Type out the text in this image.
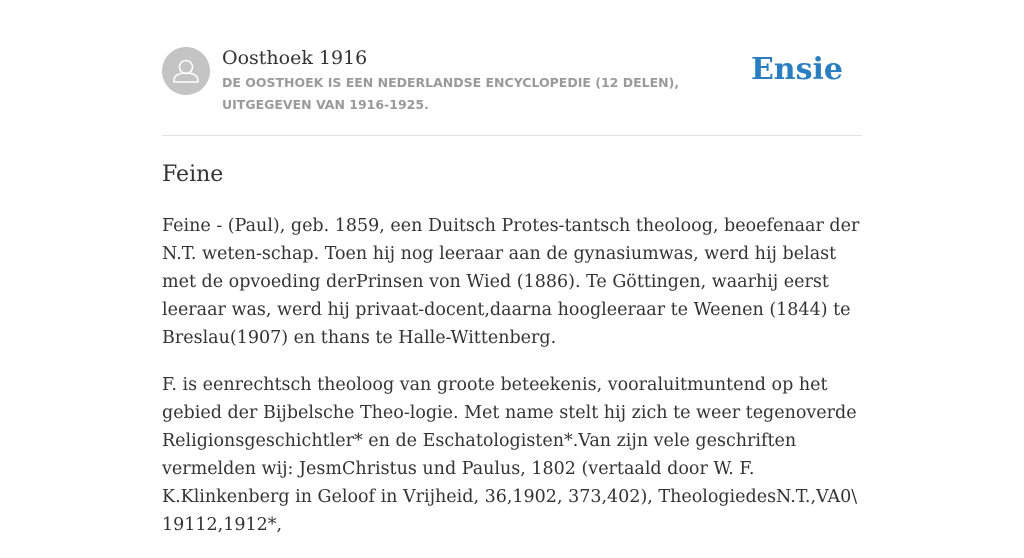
Oosthoek 1916
DE OOSTHOEK IS EEN NEDERLANDSE ENCYCLOPEDIE (12 DELEN), UITGEGEVEN VAN 1916-1925.
Ensie
Feine

Feine - (Paul), geb. 1859, een Duitsch Protes-tantsch theoloog, beoefenaar der N.T. weten-schap. Toen hij nog leeraar aan de gynasiumwas, werd hij belast met de opvoeding derPrinsen von Wied (1886). Te Göttingen, waarhij eerst leeraar was, werd hij privaat-docent,daarna hoogleeraar te Weenen (1844) te Breslau(1907) en thans te Halle-Wittenberg.

F. is eenrechtsch theoloog van groote beteekenis, vooraluitmuntend op het gebied der Bijbelsche Theo-logie. Met name stelt hij zich te weer tegenoverde Religionsgeschichtler* en de Eschatologisten*.Van zijn vele geschriften vermelden wij: JesmChristus und Paulus, 1802 (vertaald door W. F. K.Klinkenberg in Geloof in Vrijheid, 36,1902, 373,402), TheologiedesN.T.,VA0\ 19112,1912*,
